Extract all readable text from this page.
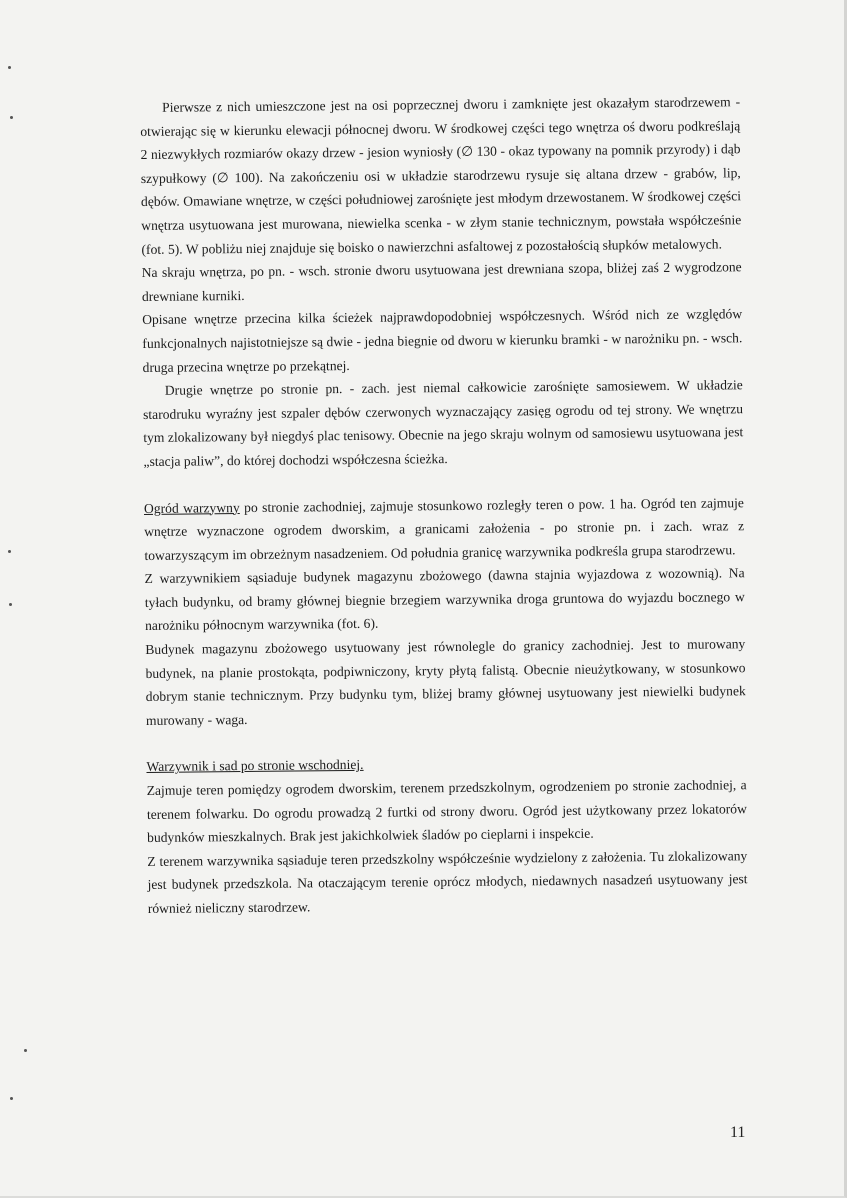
Pierwsze z nich umieszczone jest na osi poprzecznej dworu i zamknięte jest okazałym starodrzewem - otwierając się w kierunku elewacji północnej dworu. W środkowej części tego wnętrza oś dworu podkreślają 2 niezwykłych rozmiarów okazy drzew - jesion wyniosły (∅ 130 - okaz typowany na pomnik przyrody) i dąb szypułkowy (∅ 100). Na zakończeniu osi w układzie starodrzewu rysuje się altana drzew - grabów, lip, dębów. Omawiane wnętrze, w części południowej zarośnięte jest młodym drzewostanem. W środkowej części wnętrza usytuowana jest murowana, niewielka scenka - w złym stanie technicznym, powstała współcześnie (fot. 5). W pobliżu niej znajduje się boisko o nawierzchni asfaltowej z pozostałością słupków metalowych.

Na skraju wnętrza, po pn. - wsch. stronie dworu usytuowana jest drewniana szopa, bliżej zaś 2 wygrodzone drewniane kurniki.

Opisane wnętrze przecina kilka ścieżek najprawdopodobniej współczesnych. Wśród nich ze względów funkcjonalnych najistotniejsze są dwie - jedna biegnie od dworu w kierunku bramki - w narożniku pn. - wsch. druga przecina wnętrze po przekątnej.

Drugie wnętrze po stronie pn. - zach. jest niemal całkowicie zarośnięte samosiewem. W układzie starodruku wyraźny jest szpaler dębów czerwonych wyznaczający zasięg ogrodu od tej strony. We wnętrzu tym zlokalizowany był niegdyś plac tenisowy. Obecnie na jego skraju wolnym od samosiewu usytuowana jest „stacja paliw”, do której dochodzi współczesna ścieżka.

Ogród warzywny po stronie zachodniej, zajmuje stosunkowo rozległy teren o pow. 1 ha. Ogród ten zajmuje wnętrze wyznaczone ogrodem dworskim, a granicami założenia - po stronie pn. i zach. wraz z towarzyszącym im obrzeżnym nasadzeniem. Od południa granicę warzywnika podkreśla grupa starodrzewu.

Z warzywnikiem sąsiaduje budynek magazynu zbożowego (dawna stajnia wyjazdowa z wozownią). Na tyłach budynku, od bramy głównej biegnie brzegiem warzywnika droga gruntowa do wyjazdu bocznego w narożniku północnym warzywnika (fot. 6).

Budynek magazynu zbożowego usytuowany jest równolegle do granicy zachodniej. Jest to murowany budynek, na planie prostokąta, podpiwniczony, kryty płytą falistą. Obecnie nieużytkowany, w stosunkowo dobrym stanie technicznym. Przy budynku tym, bliżej bramy głównej usytuowany jest niewielki budynek murowany - waga.

Warzywnik i sad po stronie wschodniej.

Zajmuje teren pomiędzy ogrodem dworskim, terenem przedszkolnym, ogrodzeniem po stronie zachodniej, a terenem folwarku. Do ogrodu prowadzą 2 furtki od strony dworu. Ogród jest użytkowany przez lokatorów budynków mieszkalnych. Brak jest jakichkolwiek śladów po cieplarni i inspekcie.

Z terenem warzywnika sąsiaduje teren przedszkolny współcześnie wydzielony z założenia. Tu zlokalizowany jest budynek przedszkola. Na otaczającym terenie oprócz młodych, niedawnych nasadzeń usytuowany jest również nieliczny starodrzew.

11
